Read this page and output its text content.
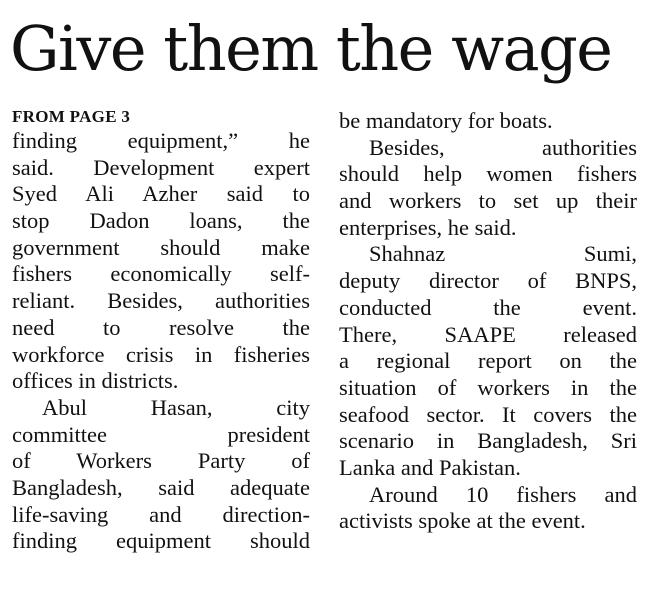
Give them the wage
FROM PAGE 3
finding equipment,” he
said. Development expert
Syed Ali Azher said to
stop Dadon loans, the
government should make
fishers economically self-
reliant. Besides, authorities
need to resolve the
workforce crisis in fisheries
offices in districts.
Abul Hasan, city
committee president
of Workers Party of
Bangladesh, said adequate
life-saving and direction-
finding equipment should
be mandatory for boats.
Besides, authorities
should help women fishers
and workers to set up their
enterprises, he said.
Shahnaz Sumi,
deputy director of BNPS,
conducted the event.
There, SAAPE released
a regional report on the
situation of workers in the
seafood sector. It covers the
scenario in Bangladesh, Sri
Lanka and Pakistan.
Around 10 fishers and
activists spoke at the event.
